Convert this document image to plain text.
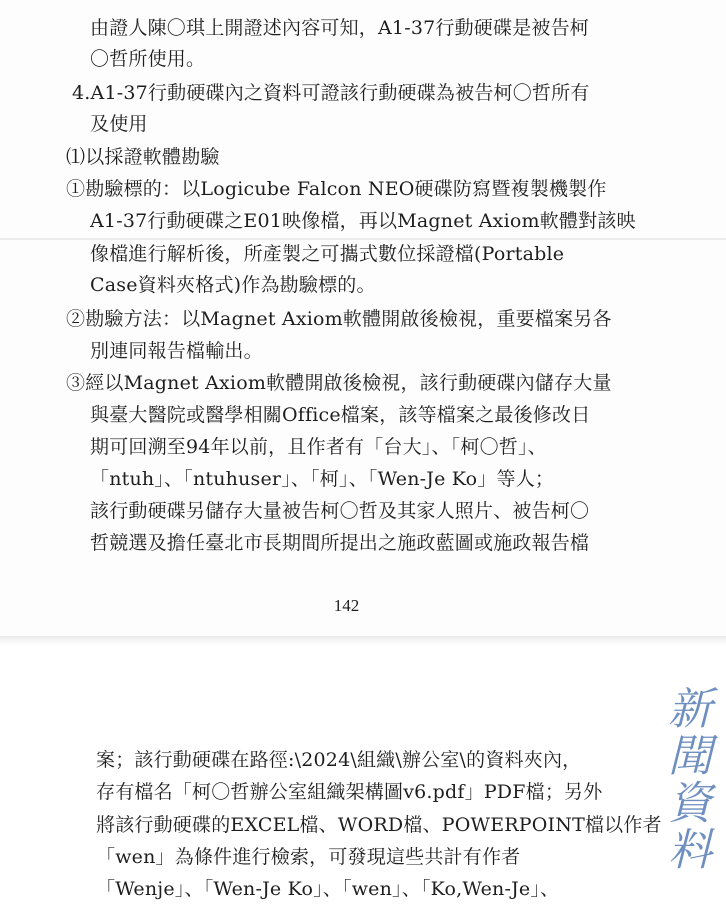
由證人陳〇琪上開證述內容可知，A1-37行動硬碟是被告柯
〇哲所使用。
4.A1-37行動硬碟內之資料可證該行動硬碟為被告柯〇哲所有
及使用
⑴以採證軟體勘驗
①勘驗標的：以Logicube Falcon NEO硬碟防寫暨複製機製作
A1-37行動硬碟之E01映像檔，再以Magnet Axiom軟體對該映
像檔進行解析後，所產製之可攜式數位採證檔(Portable
Case資料夾格式)作為勘驗標的。
②勘驗方法：以Magnet Axiom軟體開啟後檢視，重要檔案另各
別連同報告檔輸出。
③經以Magnet Axiom軟體開啟後檢視，該行動硬碟內儲存大量
與臺大醫院或醫學相關Office檔案，該等檔案之最後修改日
期可回溯至94年以前，且作者有「台大」、「柯〇哲」、
「ntuh」、「ntuhuser」、「柯」、「Wen-Je Ko」等人；
該行動硬碟另儲存大量被告柯〇哲及其家人照片、被告柯〇
哲競選及擔任臺北市長期間所提出之施政藍圖或施政報告檔
142
新
聞
資
料
案；該行動硬碟在路徑:\2024\組織\辦公室\的資料夾內，
存有檔名「柯〇哲辦公室組織架構圖v6.pdf」PDF檔；另外
將該行動硬碟的EXCEL檔、WORD檔、POWERPOINT檔以作者
「wen」為條件進行檢索，可發現這些共計有作者
「Wenje」、「Wen-Je Ko」、「wen」、「Ko,Wen-Je」、
